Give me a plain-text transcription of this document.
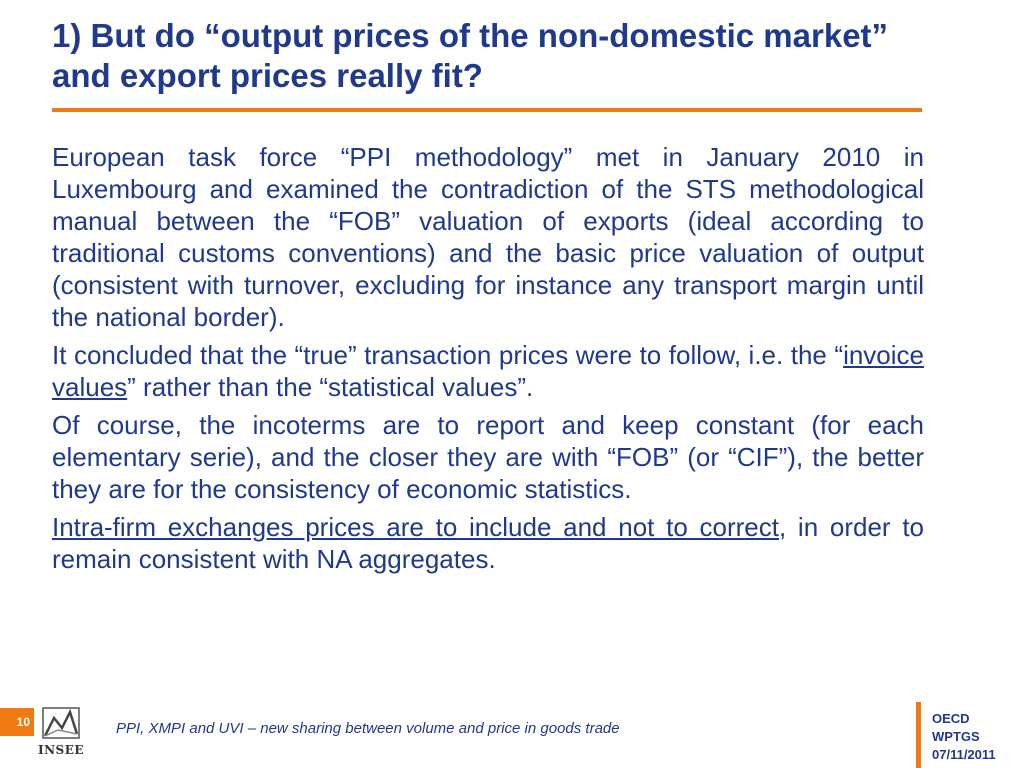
1) But do “output prices of the non-domestic market” and export prices really fit?

European task force “PPI methodology” met in January 2010 in Luxembourg and examined the contradiction of the STS methodological manual between the “FOB” valuation of exports (ideal according to traditional customs conventions) and the basic price valuation of output (consistent with turnover, excluding for instance any transport margin until the national border).

It concluded that the “true” transaction prices were to follow, i.e. the “invoice values” rather than the “statistical values”.

Of course, the incoterms are to report and keep constant (for each elementary serie), and the closer they are with “FOB” (or “CIF”), the better they are for the consistency of economic statistics.

Intra-firm exchanges prices are to include and not to correct, in order to remain consistent with NA aggregates.

10
INSEE
PPI, XMPI and UVI – new sharing between volume and price in goods trade
OECD
WPTGS
07/11/2011
